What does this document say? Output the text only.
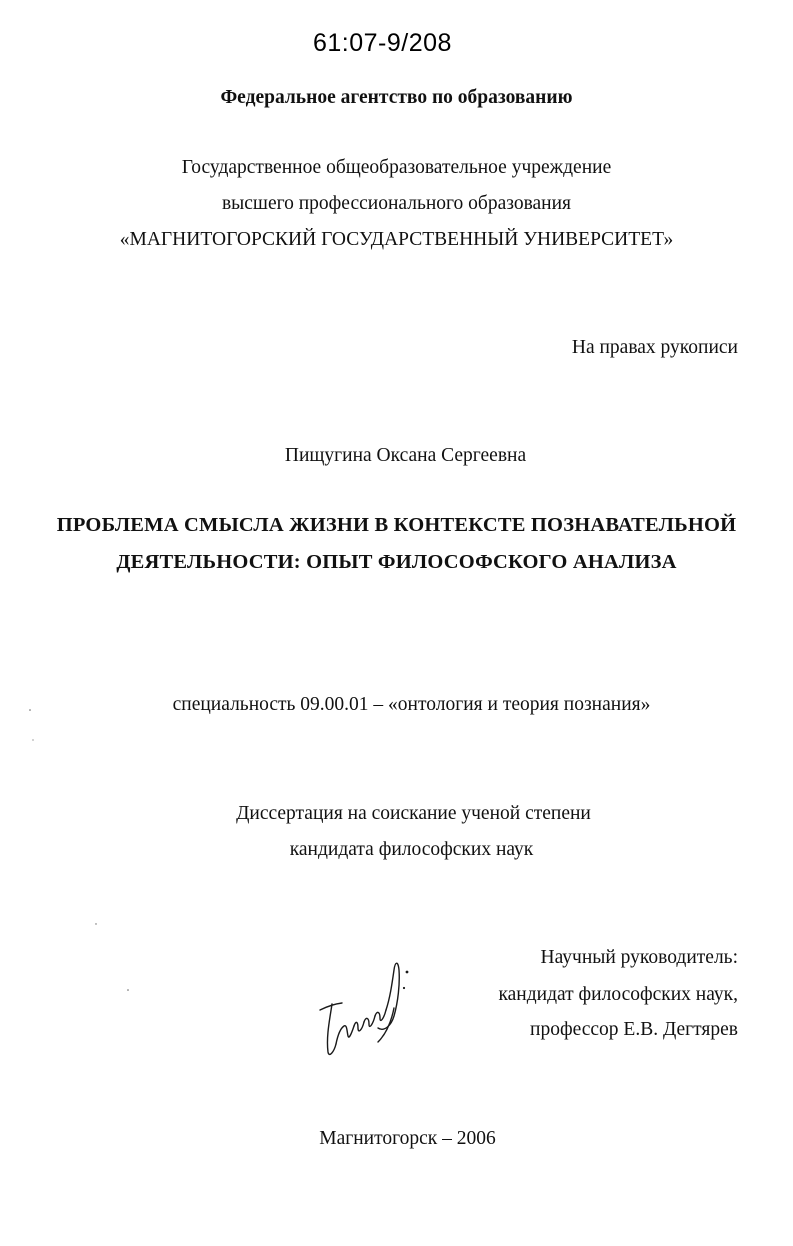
61:07-9/208
Федеральное агентство по образованию
Государственное общеобразовательное учреждение
высшего профессионального образования
«МАГНИТОГОРСКИЙ ГОСУДАРСТВЕННЫЙ УНИВЕРСИТЕТ»
На правах рукописи
Пищугина Оксана Сергеевна
ПРОБЛЕМА СМЫСЛА ЖИЗНИ В КОНТЕКСТЕ ПОЗНАВАТЕЛЬНОЙ
ДЕЯТЕЛЬНОСТИ: ОПЫТ ФИЛОСОФСКОГО АНАЛИЗА
специальность 09.00.01 – «онтология и теория познания»
Диссертация на соискание ученой степени
кандидата философских наук
Научный руководитель:
кандидат философских наук,
профессор Е.В. Дегтярев
Магнитогорск – 2006
